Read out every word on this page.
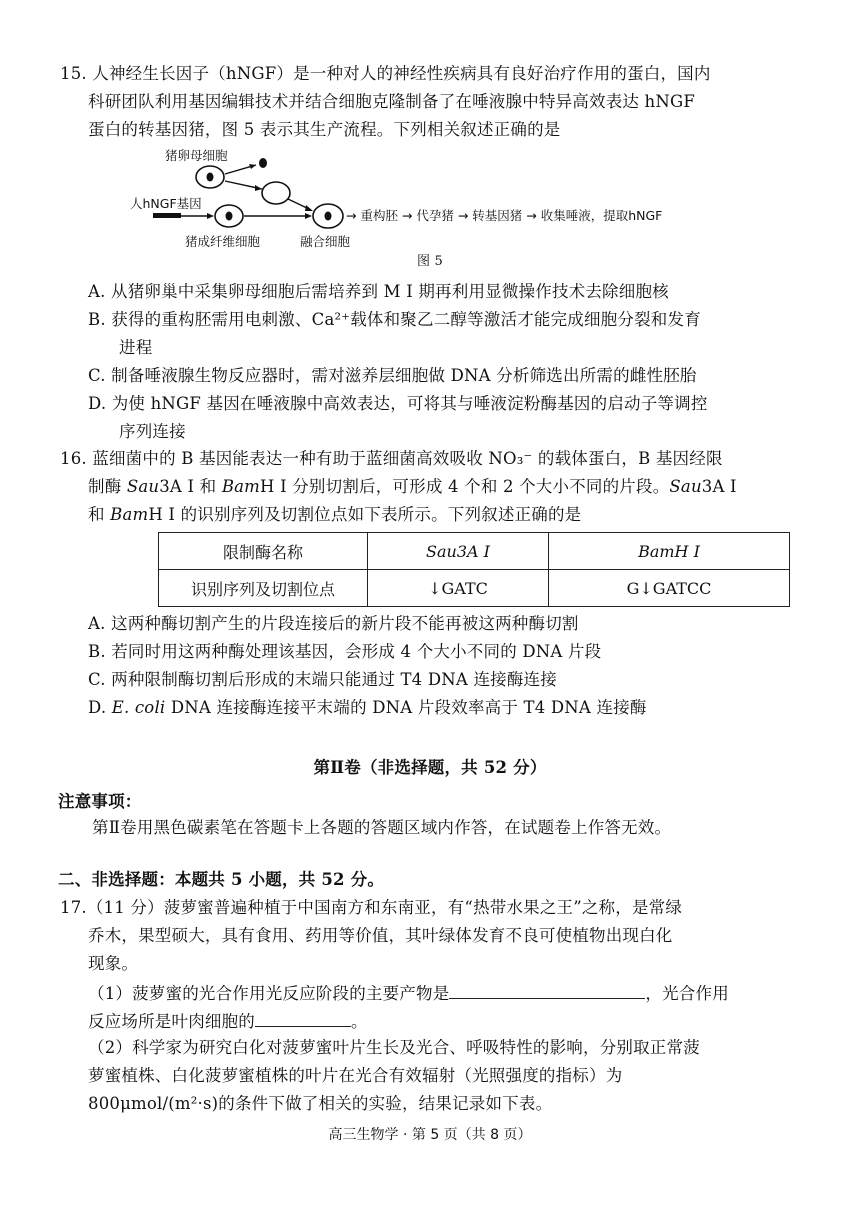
15. 人神经生长因子（hNGF）是一种对人的神经性疾病具有良好治疗作用的蛋白，国内
科研团队利用基因编辑技术并结合细胞克隆制备了在唾液腺中特异高效表达 hNGF
蛋白的转基因猪，图 5 表示其生产流程。下列相关叙述正确的是
猪卵母细胞
人hNGF基因
猪成纤维细胞	融合细胞
→ 重构胚 → 代孕猪 → 转基因猪 → 收集唾液，提取hNGF
图 5
A. 从猪卵巢中采集卵母细胞后需培养到 M Ⅰ 期再利用显微操作技术去除细胞核
B. 获得的重构胚需用电刺激、Ca²⁺载体和聚乙二醇等激活才能完成细胞分裂和发育
进程
C. 制备唾液腺生物反应器时，需对滋养层细胞做 DNA 分析筛选出所需的雌性胚胎
D. 为使 hNGF 基因在唾液腺中高效表达，可将其与唾液淀粉酶基因的启动子等调控
序列连接
16. 蓝细菌中的 B 基因能表达一种有助于蓝细菌高效吸收 NO₃⁻ 的载体蛋白，B 基因经限
制酶 Sau3A Ⅰ 和 BamH Ⅰ 分别切割后，可形成 4 个和 2 个大小不同的片段。Sau3A Ⅰ
和 BamH Ⅰ 的识别序列及切割位点如下表所示。下列叙述正确的是
限制酶名称	Sau3A Ⅰ	BamH Ⅰ
识别序列及切割位点	↓GATC	G↓GATCC
A. 这两种酶切割产生的片段连接后的新片段不能再被这两种酶切割
B. 若同时用这两种酶处理该基因，会形成 4 个大小不同的 DNA 片段
C. 两种限制酶切割后形成的末端只能通过 T4 DNA 连接酶连接
D. E. coli DNA 连接酶连接平末端的 DNA 片段效率高于 T4 DNA 连接酶
第Ⅱ卷（非选择题，共 52 分）
注意事项：
第Ⅱ卷用黑色碳素笔在答题卡上各题的答题区域内作答，在试题卷上作答无效。
二、非选择题：本题共 5 小题，共 52 分。
17.（11 分）菠萝蜜普遍种植于中国南方和东南亚，有“热带水果之王”之称，是常绿
乔木，果型硕大，具有食用、药用等价值，其叶绿体发育不良可使植物出现白化
现象。
（1）菠萝蜜的光合作用光反应阶段的主要产物是	，光合作用
反应场所是叶肉细胞的	。
（2）科学家为研究白化对菠萝蜜叶片生长及光合、呼吸特性的影响，分别取正常菠
萝蜜植株、白化菠萝蜜植株的叶片在光合有效辐射（光照强度的指标）为
800μmol/(m²·s)的条件下做了相关的实验，结果记录如下表。
高三生物学 · 第 5 页（共 8 页）
